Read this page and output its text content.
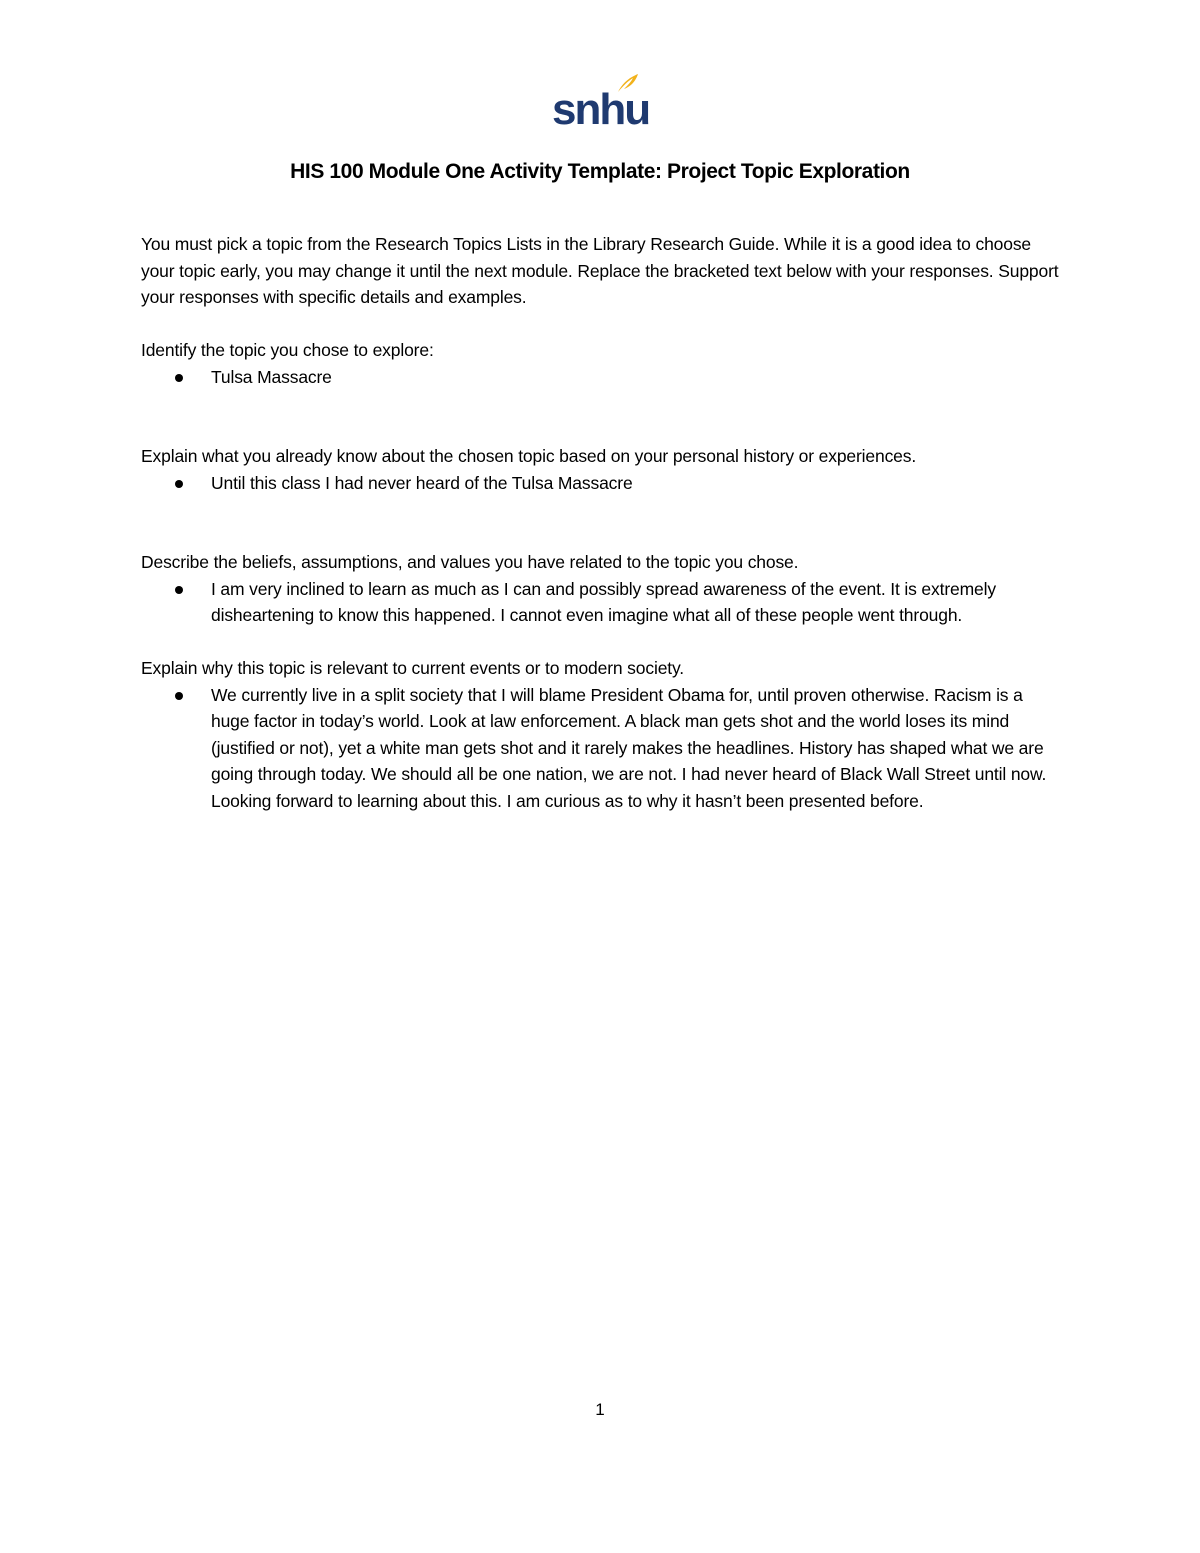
snhu
HIS 100 Module One Activity Template: Project Topic Exploration

You must pick a topic from the Research Topics Lists in the Library Research Guide. While it is a good idea to choose your topic early, you may change it until the next module. Replace the bracketed text below with your responses. Support your responses with specific details and examples.

Identify the topic you chose to explore:

Tulsa Massacre

Explain what you already know about the chosen topic based on your personal history or experiences.

Until this class I had never heard of the Tulsa Massacre

Describe the beliefs, assumptions, and values you have related to the topic you chose.

I am very inclined to learn as much as I can and possibly spread awareness of the event. It is extremely disheartening to know this happened. I cannot even imagine what all of these people went through.

Explain why this topic is relevant to current events or to modern society.

We currently live in a split society that I will blame President Obama for, until proven otherwise. Racism is a huge factor in today’s world. Look at law enforcement. A black man gets shot and the world loses its mind (justified or not), yet a white man gets shot and it rarely makes the headlines. History has shaped what we are going through today. We should all be one nation, we are not. I had never heard of Black Wall Street until now. Looking forward to learning about this. I am curious as to why it hasn’t been presented before.
1
